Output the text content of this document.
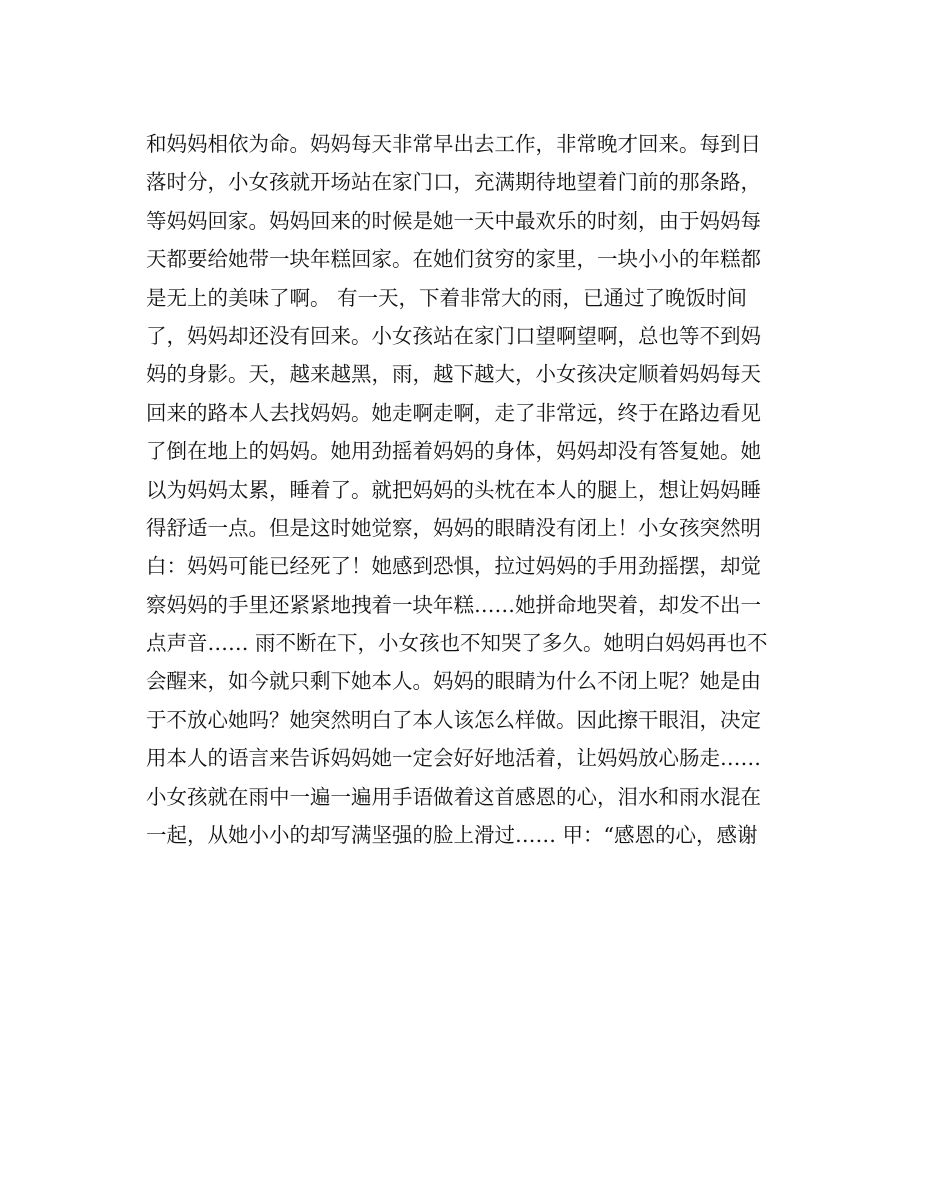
和妈妈相依为命。妈妈每天非常早出去工作，非常晚才回来。每到日
落时分，小女孩就开场站在家门口，充满期待地望着门前的那条路，
等妈妈回家。妈妈回来的时候是她一天中最欢乐的时刻，由于妈妈每
天都要给她带一块年糕回家。在她们贫穷的家里，一块小小的年糕都
是无上的美味了啊。 有一天，下着非常大的雨，已通过了晚饭时间
了，妈妈却还没有回来。小女孩站在家门口望啊望啊，总也等不到妈
妈的身影。天，越来越黑，雨，越下越大，小女孩决定顺着妈妈每天
回来的路本人去找妈妈。她走啊走啊，走了非常远，终于在路边看见
了倒在地上的妈妈。她用劲摇着妈妈的身体，妈妈却没有答复她。她
以为妈妈太累，睡着了。就把妈妈的头枕在本人的腿上，想让妈妈睡
得舒适一点。但是这时她觉察，妈妈的眼睛没有闭上！小女孩突然明
白：妈妈可能已经死了！她感到恐惧，拉过妈妈的手用劲摇摆，却觉
察妈妈的手里还紧紧地拽着一块年糕……她拼命地哭着，却发不出一
点声音…… 雨不断在下，小女孩也不知哭了多久。她明白妈妈再也不
会醒来，如今就只剩下她本人。妈妈的眼睛为什么不闭上呢？她是由
于不放心她吗？她突然明白了本人该怎么样做。因此擦干眼泪，决定
用本人的语言来告诉妈妈她一定会好好地活着，让妈妈放心肠走……
小女孩就在雨中一遍一遍用手语做着这首感恩的心，泪水和雨水混在
一起，从她小小的却写满坚强的脸上滑过…… 甲：“感恩的心，感谢
